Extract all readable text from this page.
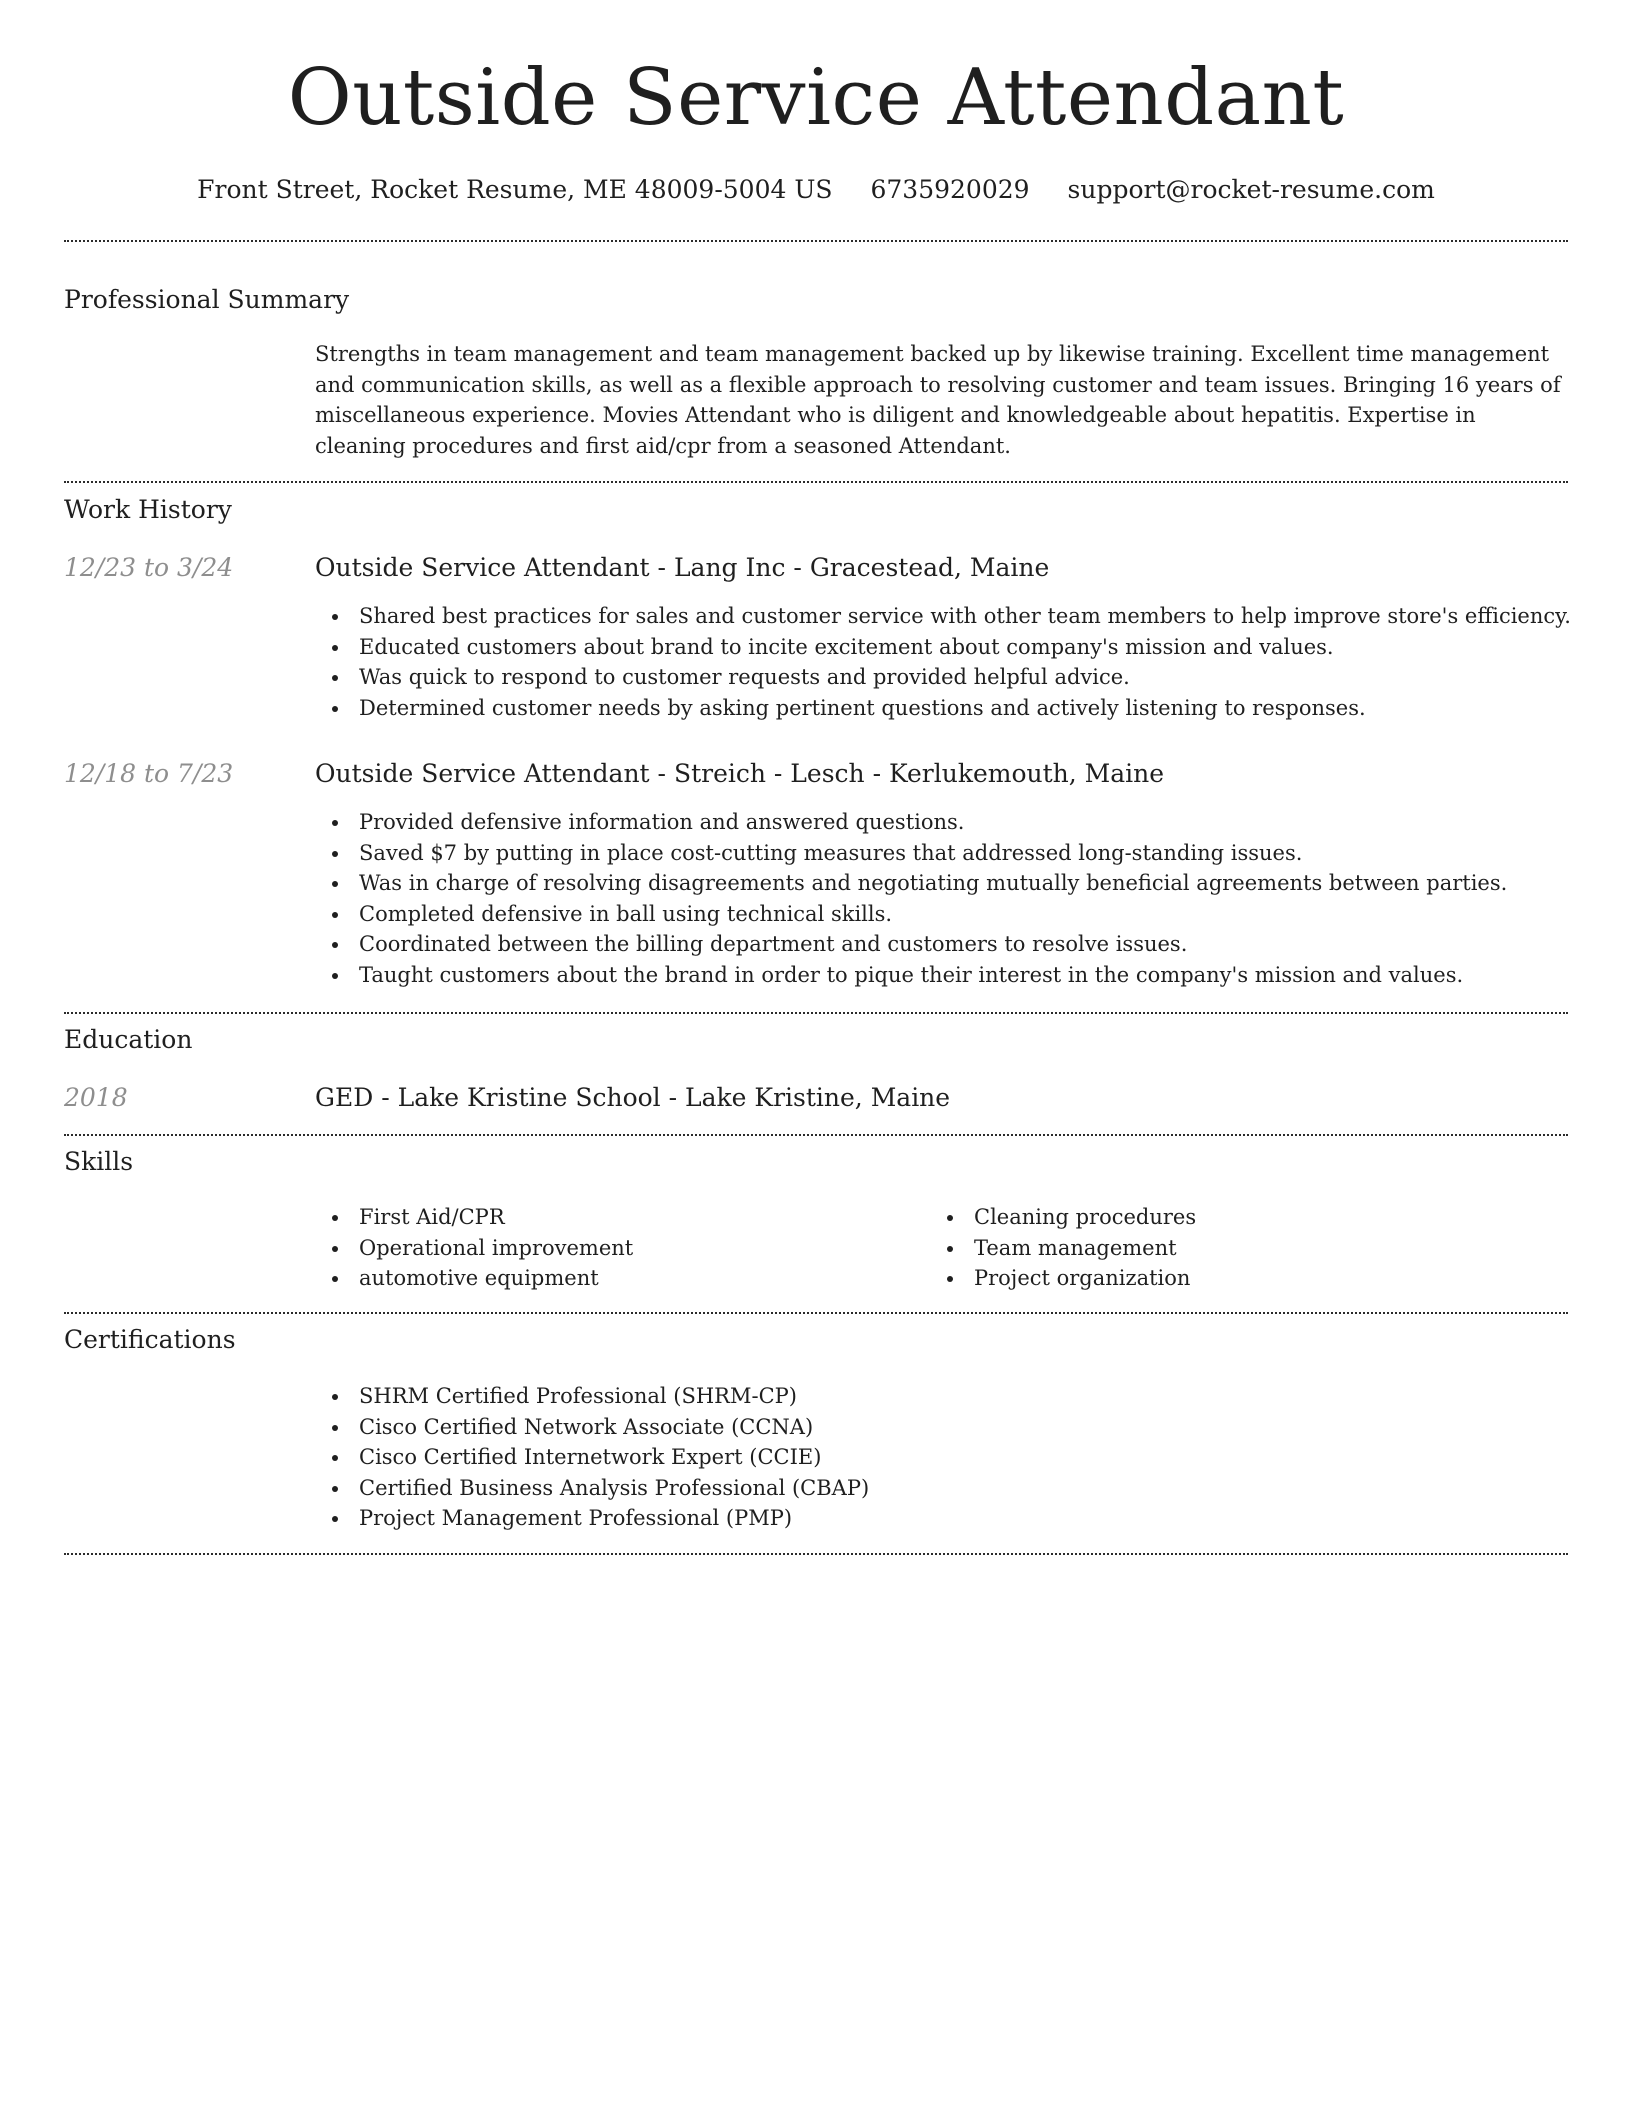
Outside Service Attendant
Front Street, Rocket Resume, ME 48009-5004 US 6735920029 support@rocket-resume.com
Professional Summary
Strengths in team management and team management backed up by likewise training. Excellent time management and communication skills, as well as a flexible approach to resolving customer and team issues. Bringing 16 years of miscellaneous experience. Movies Attendant who is diligent and knowledgeable about hepatitis. Expertise in cleaning procedures and first aid/cpr from a seasoned Attendant.
Work History
12/23 to 3/24	Outside Service Attendant - Lang Inc - Gracestead, Maine
Shared best practices for sales and customer service with other team members to help improve store's efficiency.
Educated customers about brand to incite excitement about company's mission and values.
Was quick to respond to customer requests and provided helpful advice.
Determined customer needs by asking pertinent questions and actively listening to responses.
12/18 to 7/23	Outside Service Attendant - Streich - Lesch - Kerlukemouth, Maine
Provided defensive information and answered questions.
Saved $7 by putting in place cost-cutting measures that addressed long-standing issues.
Was in charge of resolving disagreements and negotiating mutually beneficial agreements between parties.
Completed defensive in ball using technical skills.
Coordinated between the billing department and customers to resolve issues.
Taught customers about the brand in order to pique their interest in the company's mission and values.
Education
2018	GED - Lake Kristine School - Lake Kristine, Maine
Skills
First Aid/CPR
Operational improvement
automotive equipment
Cleaning procedures
Team management
Project organization
Certifications
SHRM Certified Professional (SHRM-CP)
Cisco Certified Network Associate (CCNA)
Cisco Certified Internetwork Expert (CCIE)
Certified Business Analysis Professional (CBAP)
Project Management Professional (PMP)
